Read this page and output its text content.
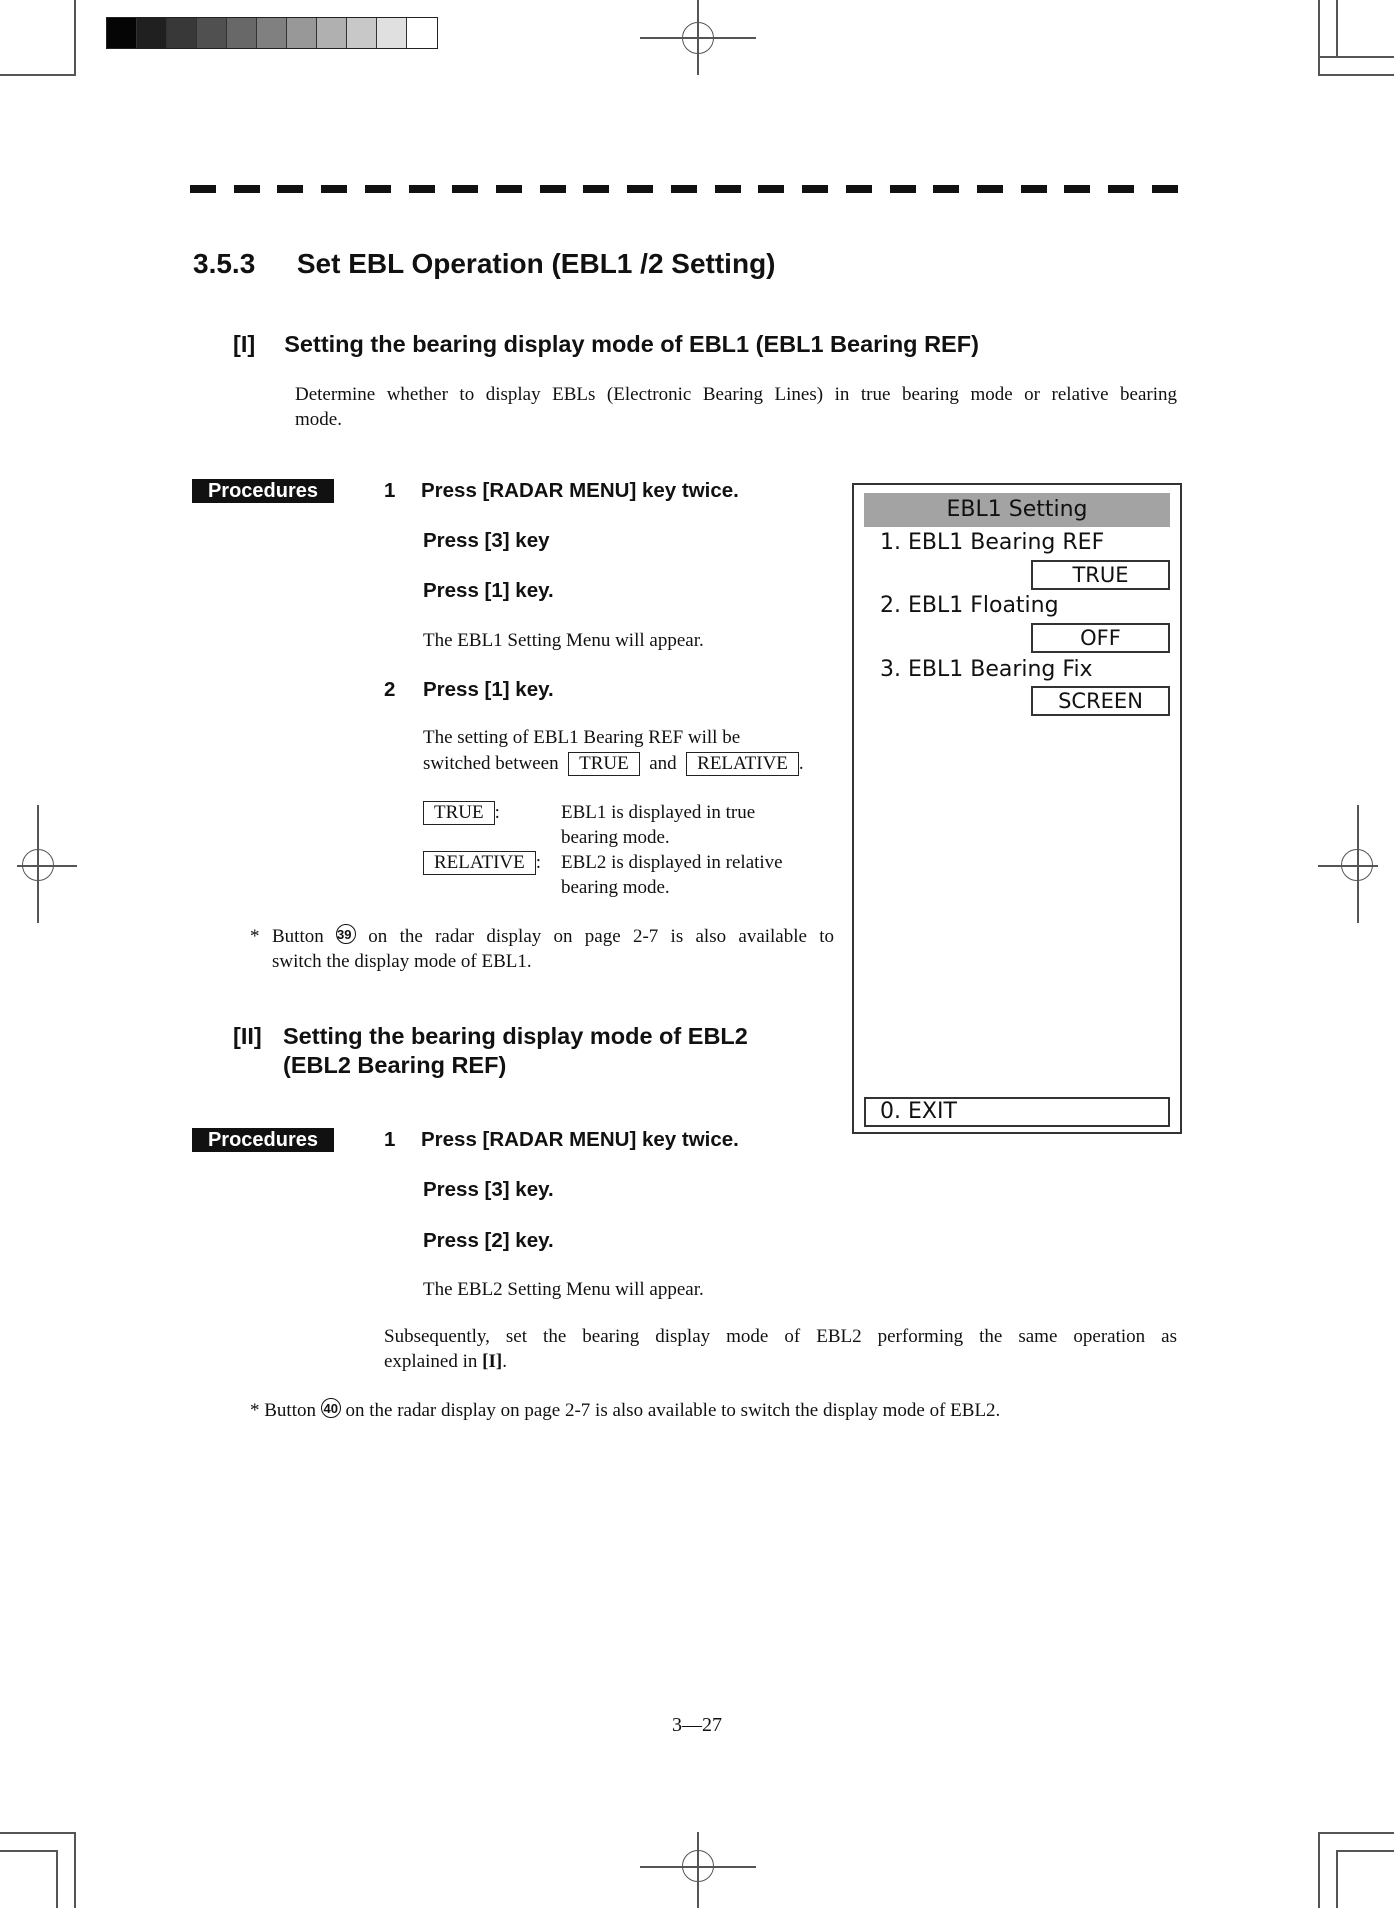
3.5.3 Set EBL Operation (EBL1 /2 Setting)
[I] Setting the bearing display mode of EBL1 (EBL1 Bearing REF)
Determine whether to display EBLs (Electronic Bearing Lines) in true bearing mode or relative bearing
mode.
Procedures	1 Press [RADAR MENU] key twice.
Press [3] key
Press [1] key.
The EBL1 Setting Menu will appear.
2 Press [1] key.
The setting of EBL1 Bearing REF will be
switched between TRUE and RELATIVE .
TRUE :	EBL1 is displayed in true
bearing mode.
RELATIVE : EBL2 is displayed in relative
bearing mode.
* Button 39 on the radar display on page 2-7 is also available to
switch the display mode of EBL1.
[II] Setting the bearing display mode of EBL2
(EBL2 Bearing REF)
Procedures	1 Press [RADAR MENU] key twice.
Press [3] key.
Press [2] key.
The EBL2 Setting Menu will appear.
Subsequently, set the bearing display mode of EBL2 performing the same operation as
explained in [I].
* Button 40 on the radar display on page 2-7 is also available to switch the display mode of EBL2.
EBL1 Setting
1. EBL1 Bearing REF
TRUE
2. EBL1 Floating
OFF
3. EBL1 Bearing Fix
SCREEN
0. EXIT
3—27
